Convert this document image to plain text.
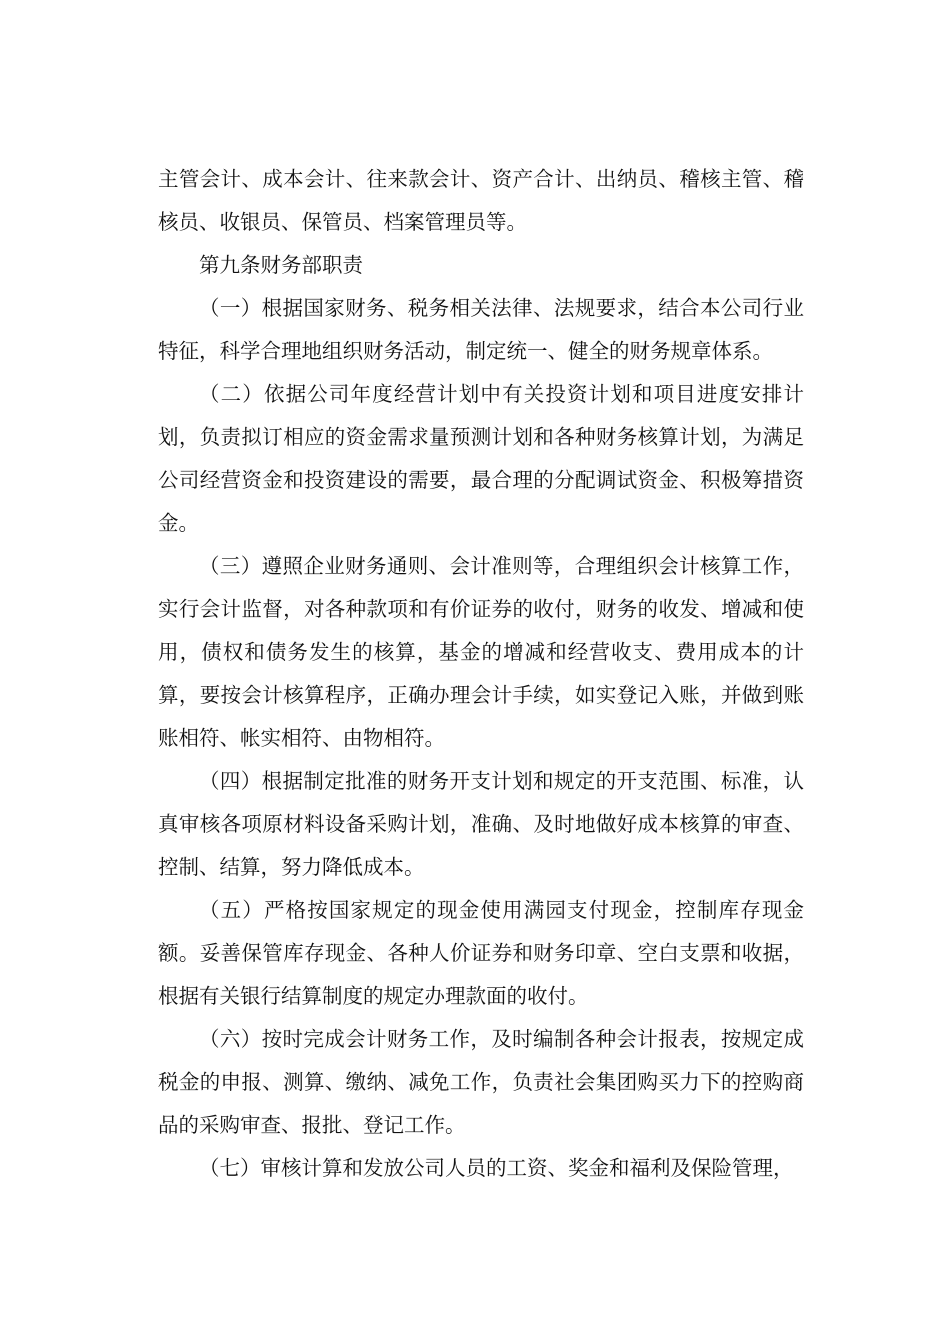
主管会计、成本会计、往来款会计、资产合计、出纳员、稽核主管、稽核员、收银员、保管员、档案管理员等。

第九条财务部职责

（一）根据国家财务、税务相关法律、法规要求，结合本公司行业特征，科学合理地组织财务活动，制定统一、健全的财务规章体系。

（二）依据公司年度经营计划中有关投资计划和项目进度安排计划，负责拟订相应的资金需求量预测计划和各种财务核算计划，为满足公司经营资金和投资建设的需要，最合理的分配调试资金、积极筹措资金。

（三）遵照企业财务通则、会计准则等，合理组织会计核算工作，实行会计监督，对各种款项和有价证券的收付，财务的收发、增减和使用，债权和债务发生的核算，基金的增减和经营收支、费用成本的计算，要按会计核算程序，正确办理会计手续，如实登记入账，并做到账账相符、帐实相符、由物相符。

（四）根据制定批准的财务开支计划和规定的开支范围、标准，认真审核各项原材料设备采购计划，准确、及时地做好成本核算的审查、控制、结算，努力降低成本。

（五）严格按国家规定的现金使用满园支付现金，控制库存现金额。妥善保管库存现金、各种人价证券和财务印章、空白支票和收据，根据有关银行结算制度的规定办理款面的收付。

（六）按时完成会计财务工作，及时编制各种会计报表，按规定成税金的申报、测算、缴纳、减免工作，负责社会集团购买力下的控购商品的采购审查、报批、登记工作。

（七）审核计算和发放公司人员的工资、奖金和福利及保险管理，
